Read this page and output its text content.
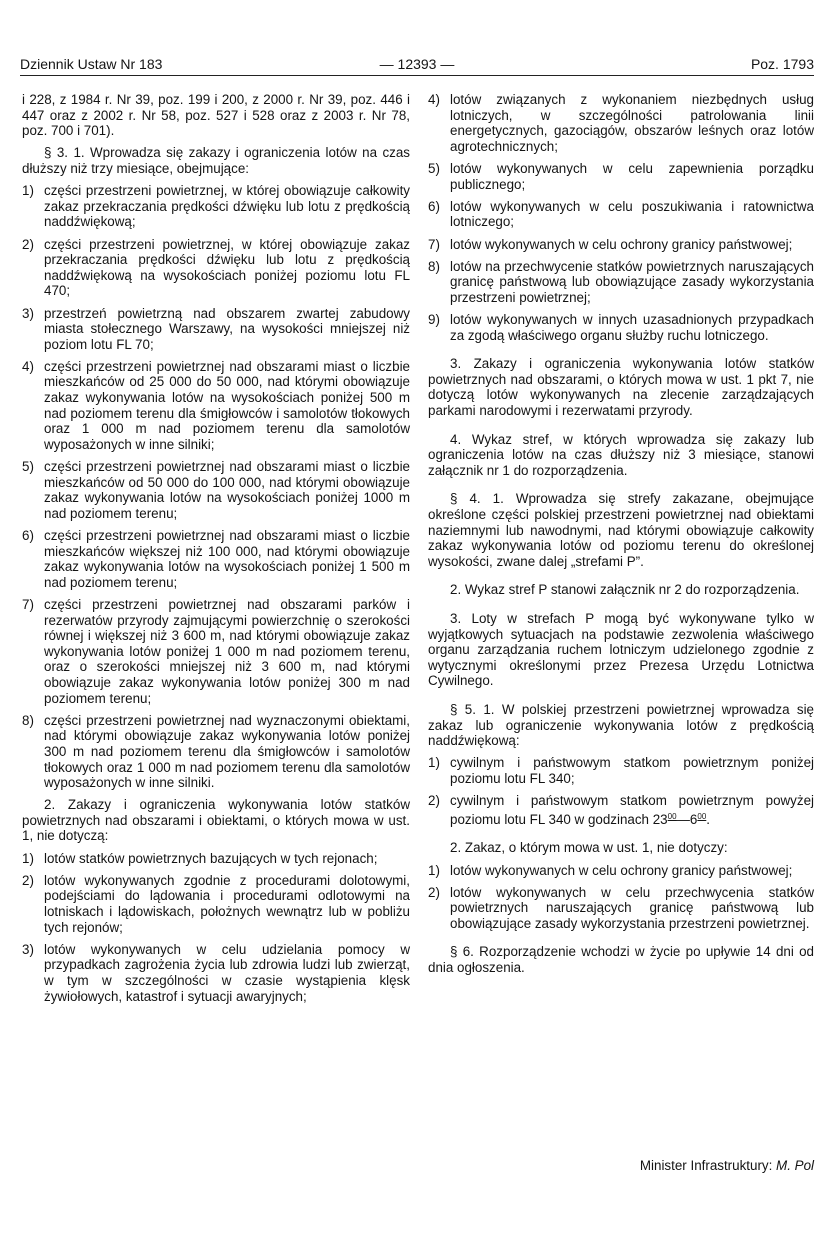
Dziennik Ustaw Nr 183	— 12393 —	Poz. 1793

i 228, z 1984 r. Nr 39, poz. 199 i 200, z 2000 r. Nr 39, poz. 446 i 447 oraz z 2002 r. Nr 58, poz. 527 i 528 oraz z 2003 r. Nr 78, poz. 700 i 701).

§ 3. 1. Wprowadza się zakazy i ograniczenia lotów na czas dłuższy niż trzy miesiące, obejmujące:

1) części przestrzeni powietrznej, w której obowiązuje całkowity zakaz przekraczania prędkości dźwięku lub lotu z prędkością naddźwiękową;

2) części przestrzeni powietrznej, w której obowiązuje zakaz przekraczania prędkości dźwięku lub lotu z prędkością naddźwiękową na wysokościach poniżej poziomu lotu FL 470;

3) przestrzeń powietrzną nad obszarem zwartej zabudowy miasta stołecznego Warszawy, na wysokości mniejszej niż poziom lotu FL 70;

4) części przestrzeni powietrznej nad obszarami miast o liczbie mieszkańców od 25 000 do 50 000, nad którymi obowiązuje zakaz wykonywania lotów na wysokościach poniżej 500 m nad poziomem terenu dla śmigłowców i samolotów tłokowych oraz 1 000 m nad poziomem terenu dla samolotów wyposażonych w inne silniki;

5) części przestrzeni powietrznej nad obszarami miast o liczbie mieszkańców od 50 000 do 100 000, nad którymi obowiązuje zakaz wykonywania lotów na wysokościach poniżej 1000 m nad poziomem terenu;

6) części przestrzeni powietrznej nad obszarami miast o liczbie mieszkańców większej niż 100 000, nad którymi obowiązuje zakaz wykonywania lotów na wysokościach poniżej 1 500 m nad poziomem terenu;

7) części przestrzeni powietrznej nad obszarami parków i rezerwatów przyrody zajmującymi powierzchnię o szerokości równej i większej niż 3 600 m, nad którymi obowiązuje zakaz wykonywania lotów poniżej 1 000 m nad poziomem terenu, oraz o szerokości mniejszej niż 3 600 m, nad którymi obowiązuje zakaz wykonywania lotów poniżej 300 m nad poziomem terenu;

8) części przestrzeni powietrznej nad wyznaczonymi obiektami, nad którymi obowiązuje zakaz wykonywania lotów poniżej 300 m nad poziomem terenu dla śmigłowców i samolotów tłokowych oraz 1 000 m nad poziomem terenu dla samolotów wyposażonych w inne silniki.

2. Zakazy i ograniczenia wykonywania lotów statków powietrznych nad obszarami i obiektami, o których mowa w ust. 1, nie dotyczą:

1) lotów statków powietrznych bazujących w tych rejonach;

2) lotów wykonywanych zgodnie z procedurami dolotowymi, podejściami do lądowania i procedurami odlotowymi na lotniskach i lądowiskach, położnych wewnątrz lub w pobliżu tych rejonów;

3) lotów wykonywanych w celu udzielania pomocy w przypadkach zagrożenia życia lub zdrowia ludzi lub zwierząt, w tym w szczególności w czasie wystąpienia klęsk żywiołowych, katastrof i sytuacji awaryjnych;

4) lotów związanych z wykonaniem niezbędnych usług lotniczych, w szczególności patrolowania linii energetycznych, gazociągów, obszarów leśnych oraz lotów agrotechnicznych;

5) lotów wykonywanych w celu zapewnienia porządku publicznego;

6) lotów wykonywanych w celu poszukiwania i ratownictwa lotniczego;

7) lotów wykonywanych w celu ochrony granicy państwowej;

8) lotów na przechwycenie statków powietrznych naruszających granicę państwową lub obowiązujące zasady wykorzystania przestrzeni powietrznej;

9) lotów wykonywanych w innych uzasadnionych przypadkach za zgodą właściwego organu służby ruchu lotniczego.

3. Zakazy i ograniczenia wykonywania lotów statków powietrznych nad obszarami, o których mowa w ust. 1 pkt 7, nie dotyczą lotów wykonywanych na zlecenie zarządzających parkami narodowymi i rezerwatami przyrody.

4. Wykaz stref, w których wprowadza się zakazy lub ograniczenia lotów na czas dłuższy niż 3 miesiące, stanowi załącznik nr 1 do rozporządzenia.

§ 4. 1. Wprowadza się strefy zakazane, obejmujące określone części polskiej przestrzeni powietrznej nad obiektami naziemnymi lub nawodnymi, nad którymi obowiązuje całkowity zakaz wykonywania lotów od poziomu terenu do określonej wysokości, zwane dalej „strefami P”.

2. Wykaz stref P stanowi załącznik nr 2 do rozporządzenia.

3. Loty w strefach P mogą być wykonywane tylko w wyjątkowych sytuacjach na podstawie zezwolenia właściwego organu zarządzania ruchem lotniczym udzielonego zgodnie z wytycznymi określonymi przez Prezesa Urzędu Lotnictwa Cywilnego.

§ 5. 1. W polskiej przestrzeni powietrznej wprowadza się zakaz lub ograniczenie wykonywania lotów z prędkością naddźwiękową:

1) cywilnym i państwowym statkom powietrznym poniżej poziomu lotu FL 340;

2) cywilnym i państwowym statkom powietrznym powyżej poziomu lotu FL 340 w godzinach $23^{00}—6^{00}$.

2. Zakaz, o którym mowa w ust. 1, nie dotyczy:

1) lotów wykonywanych w celu ochrony granicy państwowej;

2) lotów wykonywanych w celu przechwycenia statków powietrznych naruszających granicę państwową lub obowiązujące zasady wykorzystania przestrzeni powietrznej.

§ 6. Rozporządzenie wchodzi w życie po upływie 14 dni od dnia ogłoszenia.

Minister Infrastruktury: M. Pol
